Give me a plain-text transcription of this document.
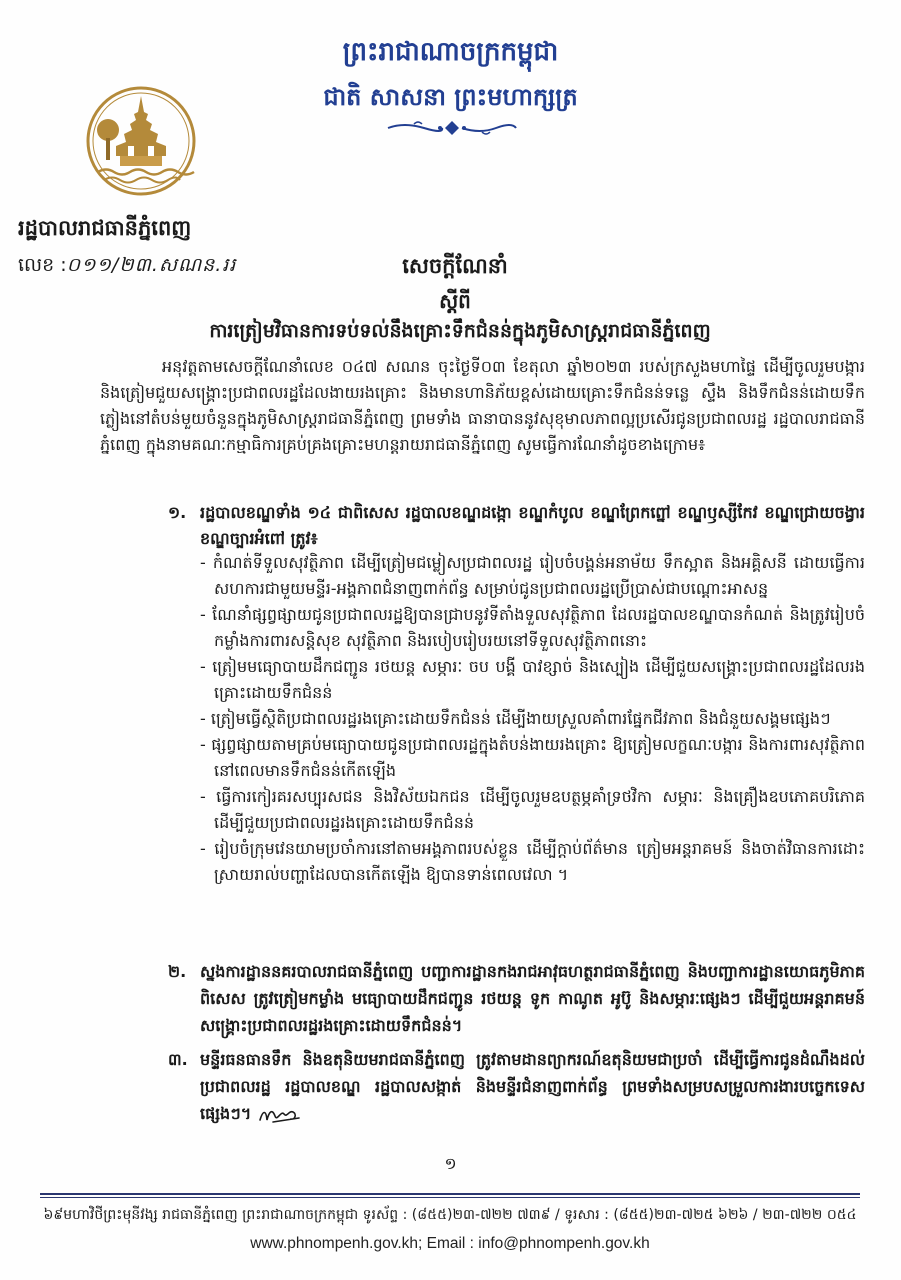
ព្រះរាជាណាចក្រកម្ពុជា
ជាតិ សាសនា ព្រះមហាក្សត្រ
រដ្ឋបាលរាជធានីភ្នំពេញ
លេខ :០១១/២៣.សណន.ររ	សេចក្តីណែនាំ
ស្តីពី
ការត្រៀមវិធានការទប់ទល់នឹងគ្រោះទឹកជំនន់ក្នុងភូមិសាស្ត្ររាជធានីភ្នំពេញ
អនុវត្តតាមសេចក្តីណែនាំលេខ ០៤៧ សណន ចុះថ្ងៃទី០៣ ខែតុលា ឆ្នាំ២០២៣ របស់ក្រសួងមហាផ្ទៃ ដើម្បីចូលរួមបង្ការ និងត្រៀមជួយសង្គ្រោះប្រជាពលរដ្ឋដែលងាយរងគ្រោះ និងមានហានិភ័យខ្ពស់ដោយគ្រោះទឹកជំនន់ទន្លេ ស្ទឹង និងទឹកជំនន់ដោយទឹកភ្លៀងនៅតំបន់មួយចំនួនក្នុងភូមិសាស្ត្ររាជធានីភ្នំពេញ ព្រមទាំង ធានាបាននូវសុខុមាលភាពល្អប្រសើរជូនប្រជាពលរដ្ឋ រដ្ឋបាលរាជធានីភ្នំពេញ ក្នុងនាមគណៈកម្មាធិការគ្រប់គ្រងគ្រោះមហន្តរាយរាជធានីភ្នំពេញ សូមធ្វើការណែនាំដូចខាងក្រោម៖
១. រដ្ឋបាលខណ្ឌទាំង ១៤ ជាពិសេស រដ្ឋបាលខណ្ឌដង្កោ ខណ្ឌកំបូល ខណ្ឌព្រែកព្នៅ ខណ្ឌឫស្សីកែវ ខណ្ឌជ្រោយចង្វារ ខណ្ឌច្បារអំពៅ ត្រូវ៖
- កំណត់ទីទួលសុវត្ថិភាព ដើម្បីត្រៀមជម្លៀសប្រជាពលរដ្ឋ រៀបចំបង្គន់អនាម័យ ទឹកស្អាត និងអគ្គិសនី ដោយធ្វើការសហការជាមួយមន្ទីរ-អង្គភាពជំនាញពាក់ព័ន្ធ សម្រាប់ជូនប្រជាពលរដ្ឋប្រើប្រាស់ជាបណ្តោះអាសន្ន
- ណែនាំផ្សព្វផ្សាយជូនប្រជាពលរដ្ឋឱ្យបានជ្រាបនូវទីតាំងទួលសុវត្ថិភាព ដែលរដ្ឋបាលខណ្ឌបានកំណត់ និងត្រូវរៀបចំកម្លាំងការពារសន្តិសុខ សុវត្ថិភាព និងរបៀបរៀបរយនៅទីទួលសុវត្ថិភាពនោះ
- ត្រៀមមធ្យោបាយដឹកជញ្ជូន រថយន្ត សម្ភារៈ ចប បង្គី បាវខ្សាច់ និងស្បៀង ដើម្បីជួយសង្គ្រោះប្រជាពលរដ្ឋដែលរងគ្រោះដោយទឹកជំនន់
- ត្រៀមធ្វើស្ថិតិប្រជាពលរដ្ឋរងគ្រោះដោយទឹកជំនន់ ដើម្បីងាយស្រួលគាំពារផ្នែកជីវភាព និងជំនួយសង្គមផ្សេងៗ
- ផ្សព្វផ្សាយតាមគ្រប់មធ្យោបាយជូនប្រជាពលរដ្ឋក្នុងតំបន់ងាយរងគ្រោះ ឱ្យត្រៀមលក្ខណៈបង្ការ និងការពារសុវត្ថិភាពនៅពេលមានទឹកជំនន់កើតឡើង
- ធ្វើការកៀរគរសប្បុរសជន និងវិស័យឯកជន ដើម្បីចូលរួមឧបត្ថម្ភគាំទ្រថវិកា សម្ភារៈ និងគ្រឿងឧបភោគបរិភោគ ដើម្បីជួយប្រជាពលរដ្ឋរងគ្រោះដោយទឹកជំនន់
- រៀបចំក្រុមវេនយាមប្រចាំការនៅតាមអង្គភាពរបស់ខ្លួន ដើម្បីក្តាប់ព័ត៌មាន ត្រៀមអន្តរាគមន៍ និងចាត់វិធានការដោះស្រាយរាល់បញ្ហាដែលបានកើតឡើង ឱ្យបានទាន់ពេលវេលា ។
២. ស្នងការដ្ឋាននគរបាលរាជធានីភ្នំពេញ បញ្ជាការដ្ឋានកងរាជអាវុធហត្ថរាជធានីភ្នំពេញ និងបញ្ជាការដ្ឋានយោធភូមិភាគពិសេស ត្រូវត្រៀមកម្លាំង មធ្យោបាយដឹកជញ្ជូន រថយន្ត ទូក កាណូត អូប៊ូ និងសម្ភារៈផ្សេងៗ ដើម្បីជួយអន្តរាគមន៍សង្គ្រោះប្រជាពលរដ្ឋរងគ្រោះដោយទឹកជំនន់។
៣. មន្ទីរធនធានទឹក និងឧតុនិយមរាជធានីភ្នំពេញ ត្រូវតាមដានព្យាករណ៍ឧតុនិយមជាប្រចាំ ដើម្បីធ្វើការជូនដំណឹងដល់ប្រជាពលរដ្ឋ រដ្ឋបាលខណ្ឌ រដ្ឋបាលសង្កាត់ និងមន្ទីរជំនាញពាក់ព័ន្ធ ព្រមទាំងសម្របសម្រួលការងារបច្ចេកទេសផ្សេងៗ។
១
៦៩មហាវិថីព្រះមុនីវង្ស រាជធានីភ្នំពេញ ព្រះរាជាណាចក្រកម្ពុជា ទូរស័ព្ទ : (៨៥៥)២៣-៧២២ ៧៣៩ / ទូរសារ : (៨៥៥)២៣-៧២៥ ៦២៦ / ២៣-៧២២ ០៥៤
www.phnompenh.gov.kh; Email : info@phnompenh.gov.kh
